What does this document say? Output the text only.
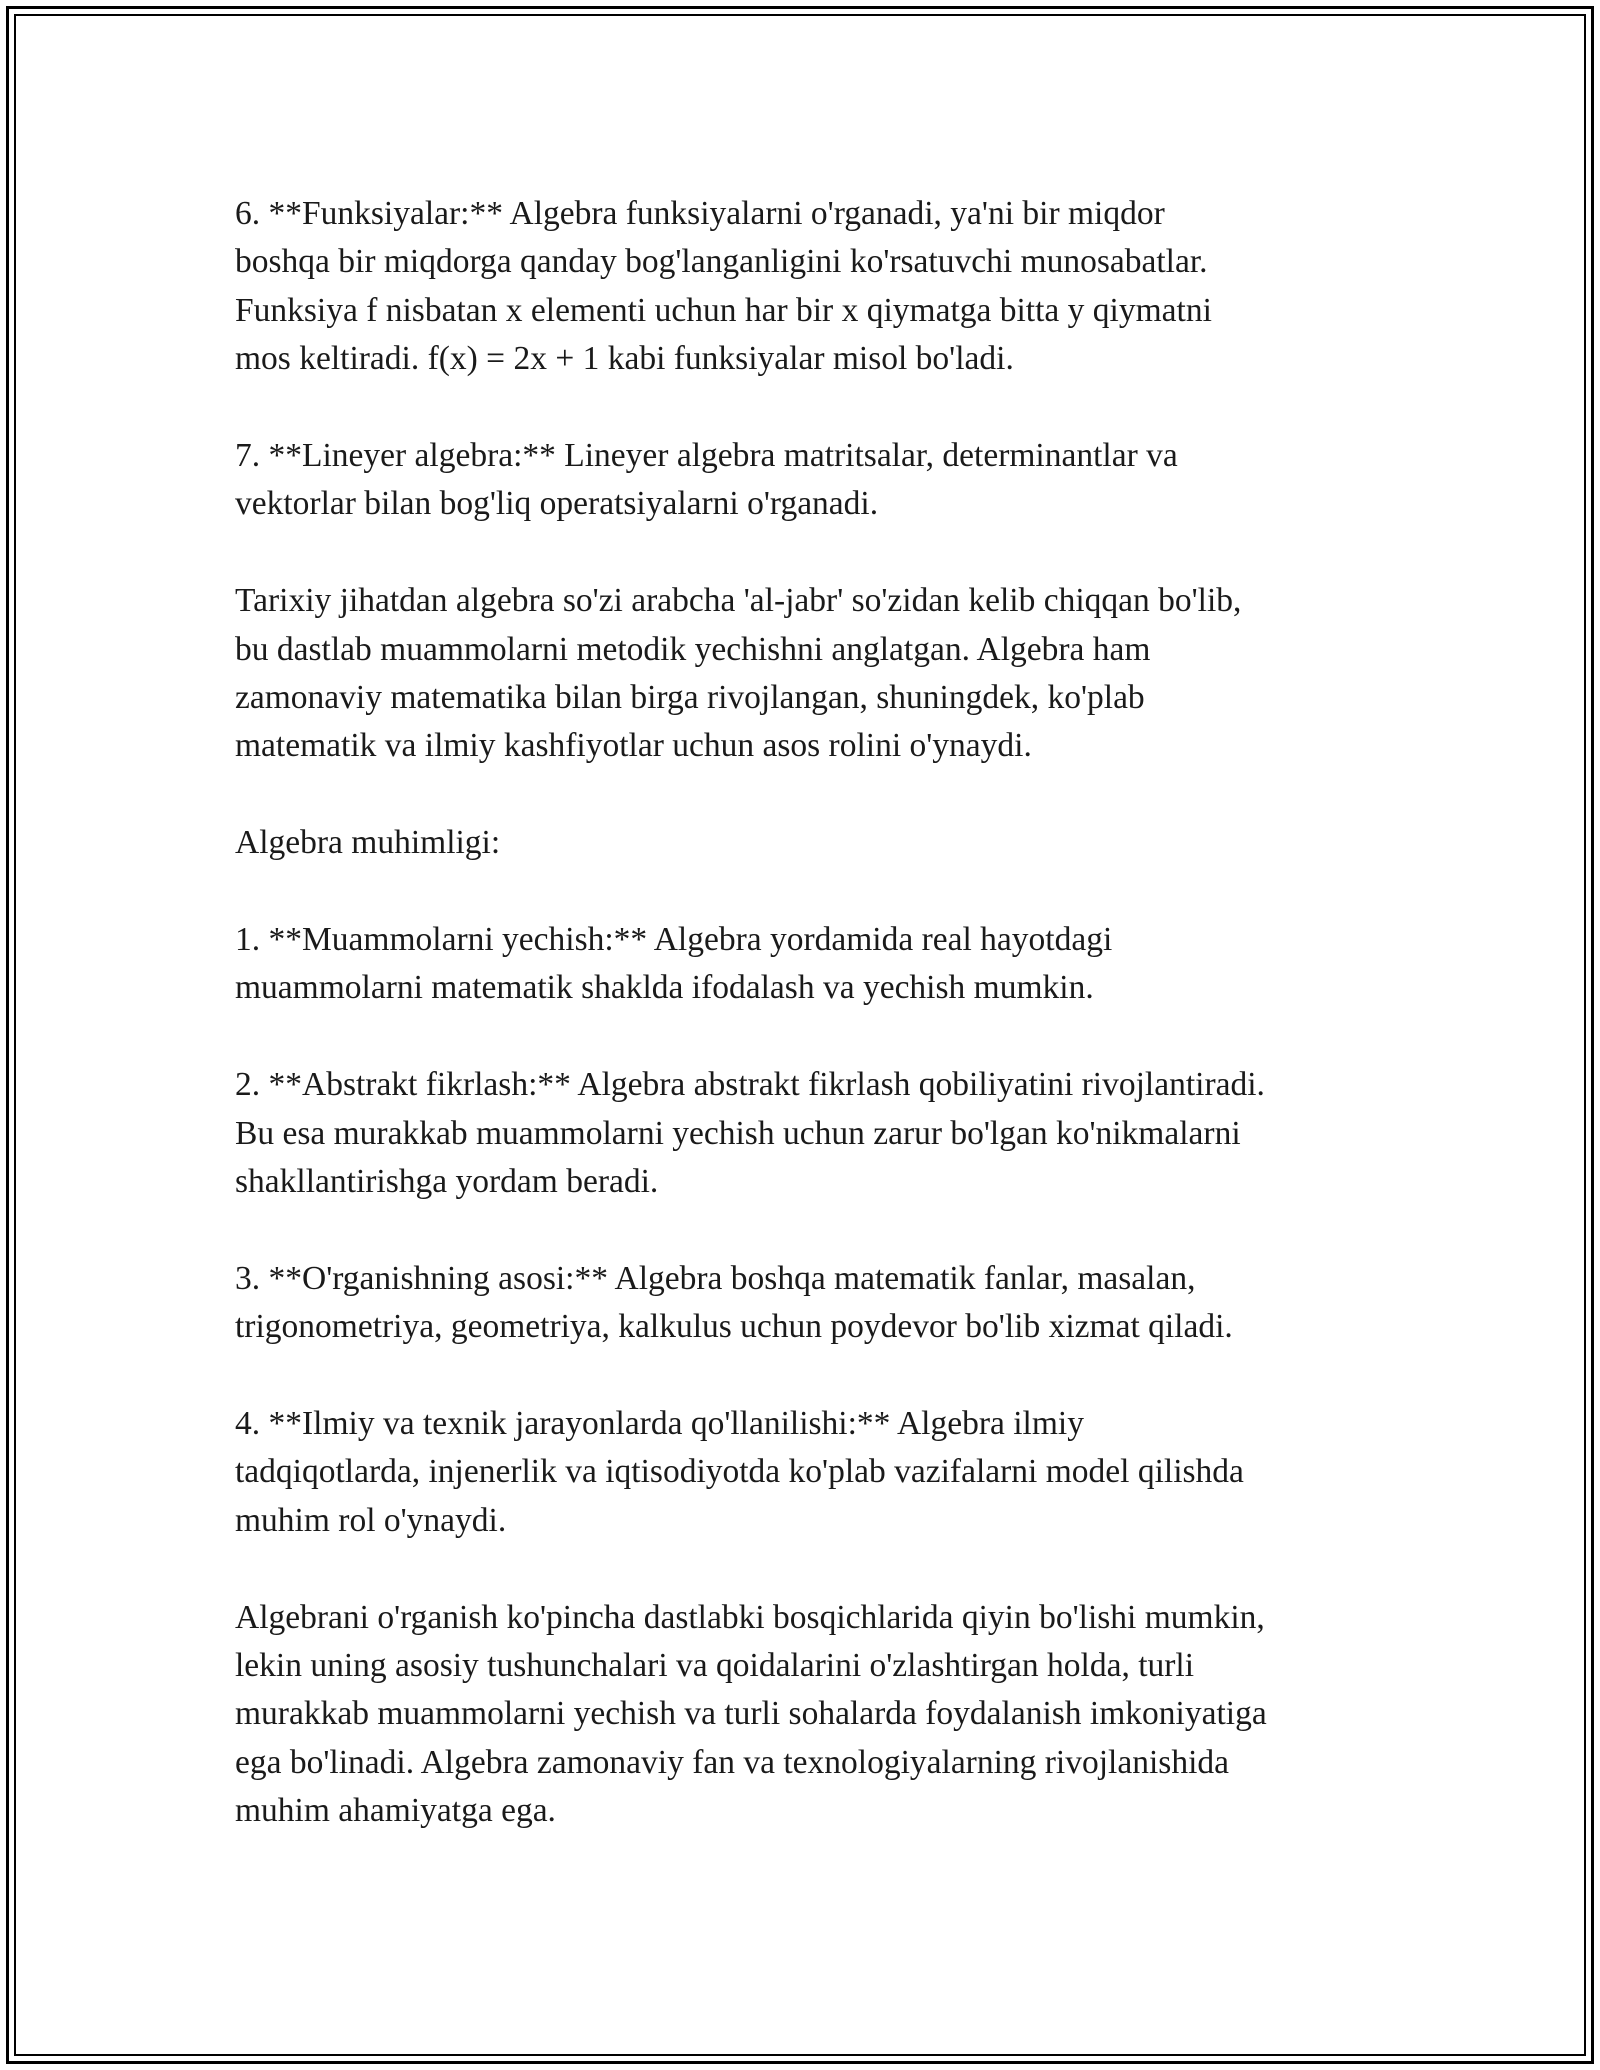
6. **Funksiyalar:** Algebra funksiyalarni o'rganadi, ya'ni bir miqdor
boshqa bir miqdorga qanday bog'langanligini ko'rsatuvchi munosabatlar.
Funksiya f nisbatan x elementi uchun har bir x qiymatga bitta y qiymatni
mos keltiradi. f(x) = 2x + 1 kabi funksiyalar misol bo'ladi.

7. **Lineyer algebra:** Lineyer algebra matritsalar, determinantlar va
vektorlar bilan bog'liq operatsiyalarni o'rganadi.

Tarixiy jihatdan algebra so'zi arabcha 'al-jabr' so'zidan kelib chiqqan bo'lib,
bu dastlab muammolarni metodik yechishni anglatgan. Algebra ham
zamonaviy matematika bilan birga rivojlangan, shuningdek, ko'plab
matematik va ilmiy kashfiyotlar uchun asos rolini o'ynaydi.

Algebra muhimligi:

1. **Muammolarni yechish:** Algebra yordamida real hayotdagi
muammolarni matematik shaklda ifodalash va yechish mumkin.

2. **Abstrakt fikrlash:** Algebra abstrakt fikrlash qobiliyatini rivojlantiradi.
Bu esa murakkab muammolarni yechish uchun zarur bo'lgan ko'nikmalarni
shakllantirishga yordam beradi.

3. **O'rganishning asosi:** Algebra boshqa matematik fanlar, masalan,
trigonometriya, geometriya, kalkulus uchun poydevor bo'lib xizmat qiladi.

4. **Ilmiy va texnik jarayonlarda qo'llanilishi:** Algebra ilmiy
tadqiqotlarda, injenerlik va iqtisodiyotda ko'plab vazifalarni model qilishda
muhim rol o'ynaydi.

Algebrani o'rganish ko'pincha dastlabki bosqichlarida qiyin bo'lishi mumkin,
lekin uning asosiy tushunchalari va qoidalarini o'zlashtirgan holda, turli
murakkab muammolarni yechish va turli sohalarda foydalanish imkoniyatiga
ega bo'linadi. Algebra zamonaviy fan va texnologiyalarning rivojlanishida
muhim ahamiyatga ega.
